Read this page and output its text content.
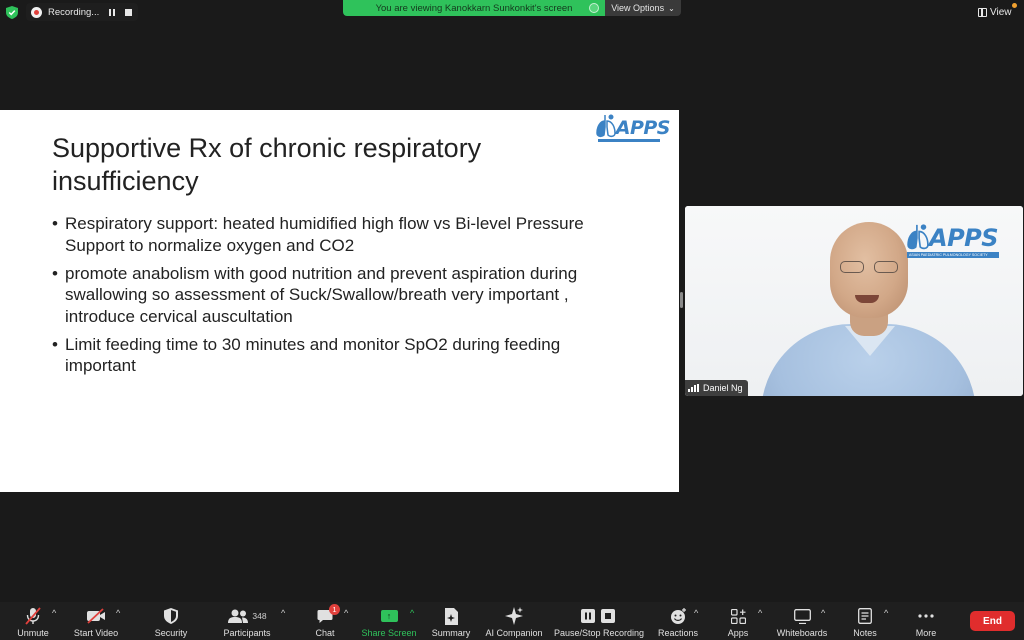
Recording...	You are viewing Kanokkarn Sunkonkit's screen	View Options ⌄	View
APPS
Supportive Rx of chronic respiratory
insufficiency
• Respiratory support: heated humidified high flow vs Bi-level Pressure
Support to normalize oxygen and CO2
• promote anabolism with good nutrition and prevent aspiration during
swallowing so assessment of Suck/Swallow/breath very important ,
introduce cervical auscultation
• Limit feeding time to 30 minutes and monitor SpO2 during feeding
important
APPS
ASIAN PAEDIATRIC PULMONOLOGY SOCIETY
Daniel Ng
Unmute
^
Start Video
^
Security
348
Participants
^	1
Chat
^	↑
Share Screen
^
Summary AI Companion Pause/Stop Recording Reactions
^
Apps
^
Whiteboards
^
Notes
^
More
End
